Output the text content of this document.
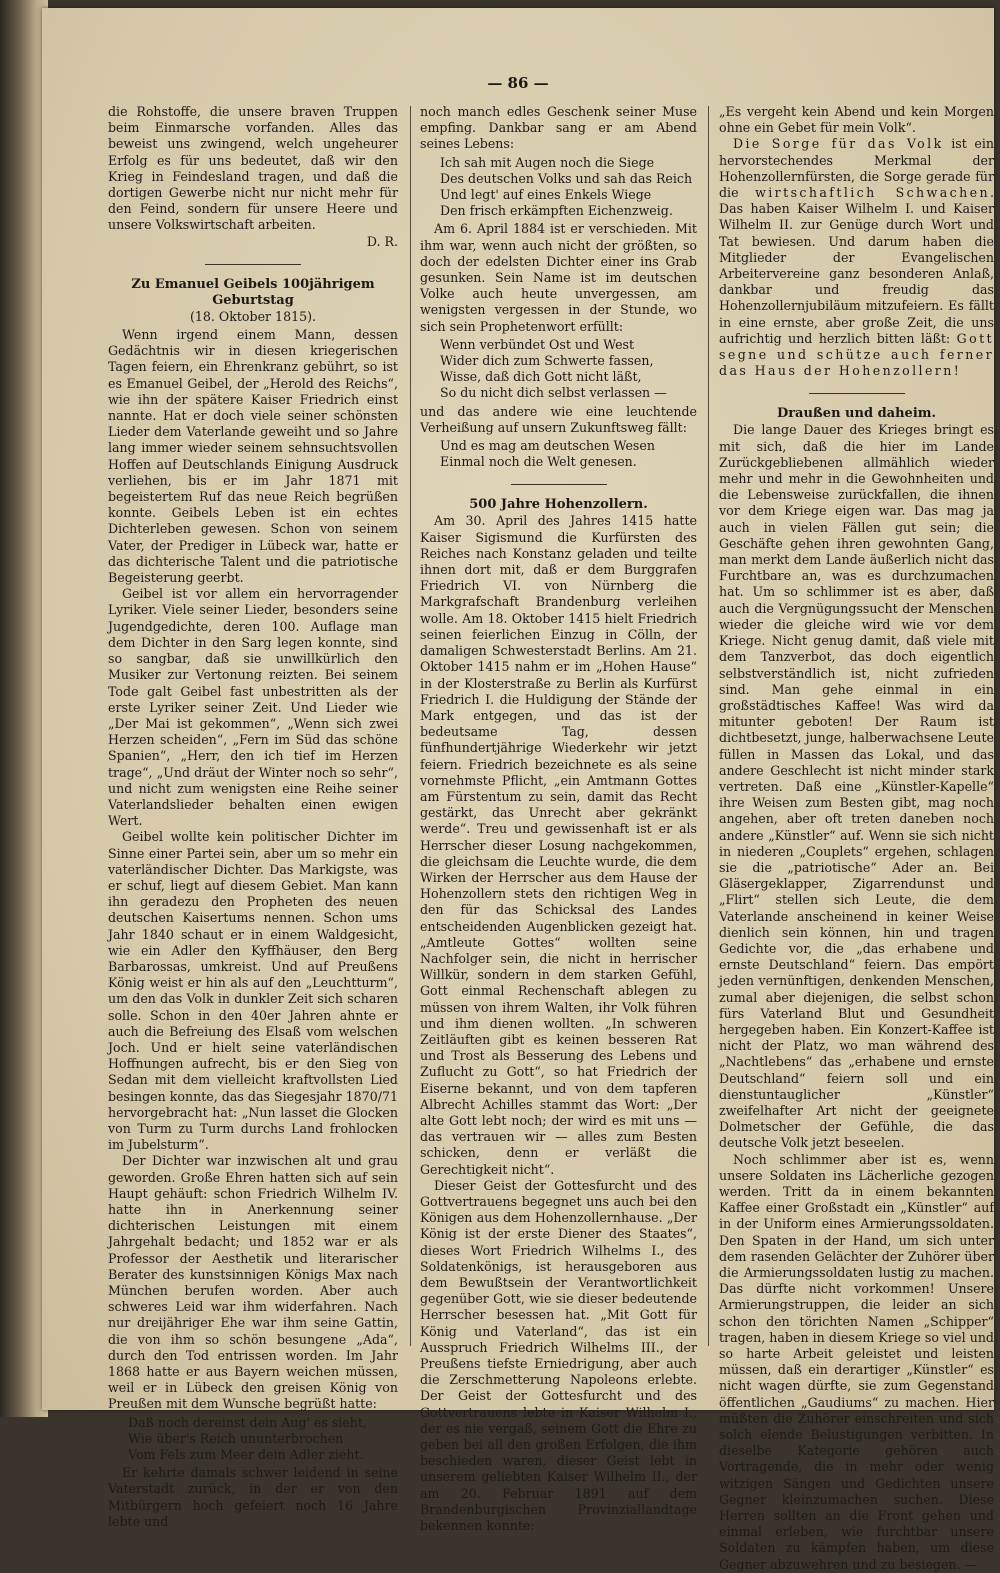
— 86 —

die Rohstoffe, die unsere braven Truppen beim Einmarsche vorfanden. Alles das beweist uns zwingend, welch ungeheurer Erfolg es für uns bedeutet, daß wir den Krieg in Feindesland tragen, und daß die dortigen Gewerbe nicht nur nicht mehr für den Feind, sondern für unsere Heere und unsere Volkswirtschaft arbeiten.

D. R.
Zu Emanuel Geibels 100jährigem Geburtstag
(18. Oktober 1815).

Wenn irgend einem Mann, dessen Gedächtnis wir in diesen kriegerischen Tagen feiern, ein Ehrenkranz gebührt, so ist es Emanuel Geibel, der „Herold des Reichs“, wie ihn der spätere Kaiser Friedrich einst nannte. Hat er doch viele seiner schönsten Lieder dem Vaterlande geweiht und so Jahre lang immer wieder seinem sehnsuchtsvollen Hoffen auf Deutschlands Einigung Ausdruck verliehen, bis er im Jahr 1871 mit begeistertem Ruf das neue Reich begrüßen konnte. Geibels Leben ist ein echtes Dichterleben gewesen. Schon von seinem Vater, der Prediger in Lübeck war, hatte er das dichterische Talent und die patriotische Begeisterung geerbt.

Geibel ist vor allem ein hervorragender Lyriker. Viele seiner Lieder, besonders seine Jugendgedichte, deren 100. Auflage man dem Dichter in den Sarg legen konnte, sind so sangbar, daß sie unwillkürlich den Musiker zur Vertonung reizten. Bei seinem Tode galt Geibel fast unbestritten als der erste Lyriker seiner Zeit. Und Lieder wie „Der Mai ist gekommen“, „Wenn sich zwei Herzen scheiden“, „Fern im Süd das schöne Spanien“, „Herr, den ich tief im Herzen trage“, „Und dräut der Winter noch so sehr“, und nicht zum wenigsten eine Reihe seiner Vaterlandslieder behalten einen ewigen Wert.

Geibel wollte kein politischer Dichter im Sinne einer Partei sein, aber um so mehr ein vaterländischer Dichter. Das Markigste, was er schuf, liegt auf diesem Gebiet. Man kann ihn geradezu den Propheten des neuen deutschen Kaisertums nennen. Schon ums Jahr 1840 schaut er in einem Waldgesicht, wie ein Adler den Kyffhäuser, den Berg Barbarossas, umkreist. Und auf Preußens König weist er hin als auf den „Leuchtturm“, um den das Volk in dunkler Zeit sich scharen solle. Schon in den 40er Jahren ahnte er auch die Befreiung des Elsaß vom welschen Joch. Und er hielt seine vaterländischen Hoffnungen aufrecht, bis er den Sieg von Sedan mit dem vielleicht kraftvollsten Lied besingen konnte, das das Siegesjahr 1870/71 hervorgebracht hat: „Nun lasset die Glocken von Turm zu Turm durchs Land frohlocken im Jubelsturm“.

Der Dichter war inzwischen alt und grau geworden. Große Ehren hatten sich auf sein Haupt gehäuft: schon Friedrich Wilhelm IV. hatte ihn in Anerkennung seiner dichterischen Leistungen mit einem Jahrgehalt bedacht; und 1852 war er als Professor der Aesthetik und literarischer Berater des kunstsinnigen Königs Max nach München berufen worden. Aber auch schweres Leid war ihm widerfahren. Nach nur dreijähriger Ehe war ihm seine Gattin, die von ihm so schön besungene „Ada“, durch den Tod entrissen worden. Im Jahr 1868 hatte er aus Bayern weichen müssen, weil er in Lübeck den greisen König von Preußen mit dem Wunsche begrüßt hatte:

Daß noch dereinst dein Aug' es sieht,
Wie über's Reich ununterbrochen
Vom Fels zum Meer dein Adler zieht.

Er kehrte damals schwer leidend in seine Vaterstadt zurück, in der er von den Mitbürgern hoch gefeiert noch 16 Jahre lebte und

noch manch edles Geschenk seiner Muse empfing. Dankbar sang er am Abend seines Lebens:

Ich sah mit Augen noch die Siege
Des deutschen Volks und sah das Reich
Und legt' auf eines Enkels Wiege
Den frisch erkämpften Eichenzweig.

Am 6. April 1884 ist er verschieden. Mit ihm war, wenn auch nicht der größten, so doch der edelsten Dichter einer ins Grab gesunken. Sein Name ist im deutschen Volke auch heute unvergessen, am wenigsten vergessen in der Stunde, wo sich sein Prophetenwort erfüllt:

Wenn verbündet Ost und West
Wider dich zum Schwerte fassen,
Wisse, daß dich Gott nicht läßt,
So du nicht dich selbst verlassen —

und das andere wie eine leuchtende Verheißung auf unsern Zukunftsweg fällt:

Und es mag am deutschen Wesen
Einmal noch die Welt genesen.
500 Jahre Hohenzollern.

Am 30. April des Jahres 1415 hatte Kaiser Sigismund die Kurfürsten des Reiches nach Konstanz geladen und teilte ihnen dort mit, daß er dem Burggrafen Friedrich VI. von Nürnberg die Markgrafschaft Brandenburg verleihen wolle. Am 18. Oktober 1415 hielt Friedrich seinen feierlichen Einzug in Cölln, der damaligen Schwesterstadt Berlins. Am 21. Oktober 1415 nahm er im „Hohen Hause“ in der Klosterstraße zu Berlin als Kurfürst Friedrich I. die Huldigung der Stände der Mark entgegen, und das ist der bedeutsame Tag, dessen fünfhundertjährige Wiederkehr wir jetzt feiern. Friedrich bezeichnete es als seine vornehmste Pflicht, „ein Amtmann Gottes am Fürstentum zu sein, damit das Recht gestärkt, das Unrecht aber gekränkt werde“. Treu und gewissenhaft ist er als Herrscher dieser Losung nachgekommen, die gleichsam die Leuchte wurde, die dem Wirken der Herrscher aus dem Hause der Hohenzollern stets den richtigen Weg in den für das Schicksal des Landes entscheidenden Augenblicken gezeigt hat. „Amtleute Gottes“ wollten seine Nachfolger sein, die nicht in herrischer Willkür, sondern in dem starken Gefühl, Gott einmal Rechenschaft ablegen zu müssen von ihrem Walten, ihr Volk führen und ihm dienen wollten. „In schweren Zeitläuften gibt es keinen besseren Rat und Trost als Besserung des Lebens und Zuflucht zu Gott“, so hat Friedrich der Eiserne bekannt, und von dem tapferen Albrecht Achilles stammt das Wort: „Der alte Gott lebt noch; der wird es mit uns — das vertrauen wir — alles zum Besten schicken, denn er verläßt die Gerechtigkeit nicht“.

Dieser Geist der Gottesfurcht und des Gottvertrauens begegnet uns auch bei den Königen aus dem Hohenzollernhause. „Der König ist der erste Diener des Staates“, dieses Wort Friedrich Wilhelms I., des Soldatenkönigs, ist herausgeboren aus dem Bewußtsein der Verantwortlichkeit gegenüber Gott, wie sie dieser bedeutende Herrscher besessen hat. „Mit Gott für König und Vaterland“, das ist ein Ausspruch Friedrich Wilhelms III., der Preußens tiefste Erniedrigung, aber auch die Zerschmetterung Napoleons erlebte. Der Geist der Gottesfurcht und des Gottvertrauens lebte in Kaiser Wilhelm I., der es nie vergaß, seinem Gott die Ehre zu geben bei all den großen Erfolgen, die ihm beschieden waren, dieser Geist lebt in unserem geliebten Kaiser Wilhelm II., der am 20. Februar 1891 auf dem Brandenburgischen Provinziallandtage bekennen konnte:

„Es vergeht kein Abend und kein Morgen ohne ein Gebet für mein Volk“.

Die Sorge für das Volk ist ein hervorstechendes Merkmal der Hohenzollernfürsten, die Sorge gerade für die wirtschaftlich Schwachen. Das haben Kaiser Wilhelm I. und Kaiser Wilhelm II. zur Genüge durch Wort und Tat bewiesen. Und darum haben die Mitglieder der Evangelischen Arbeitervereine ganz besonderen Anlaß, dankbar und freudig das Hohenzollernjubiläum mitzufeiern. Es fällt in eine ernste, aber große Zeit, die uns aufrichtig und herzlich bitten läßt: Gott segne und schütze auch ferner das Haus der Hohenzollern!

Draußen und daheim.

Die lange Dauer des Krieges bringt es mit sich, daß die hier im Lande Zurückgebliebenen allmählich wieder mehr und mehr in die Gewohnheiten und die Lebensweise zurückfallen, die ihnen vor dem Kriege eigen war. Das mag ja auch in vielen Fällen gut sein; die Geschäfte gehen ihren gewohnten Gang, man merkt dem Lande äußerlich nicht das Furchtbare an, was es durchzumachen hat. Um so schlimmer ist es aber, daß auch die Vergnügungssucht der Menschen wieder die gleiche wird wie vor dem Kriege. Nicht genug damit, daß viele mit dem Tanzverbot, das doch eigentlich selbstverständlich ist, nicht zufrieden sind. Man gehe einmal in ein großstädtisches Kaffee! Was wird da mitunter geboten! Der Raum ist dichtbesetzt, junge, halberwachsene Leute füllen in Massen das Lokal, und das andere Geschlecht ist nicht minder stark vertreten. Daß eine „Künstler-Kapelle“ ihre Weisen zum Besten gibt, mag noch angehen, aber oft treten daneben noch andere „Künstler“ auf. Wenn sie sich nicht in niederen „Couplets“ ergehen, schlagen sie die „patriotische“ Ader an. Bei Gläsergeklapper, Zigarrendunst und „Flirt“ stellen sich Leute, die dem Vaterlande anscheinend in keiner Weise dienlich sein können, hin und tragen Gedichte vor, die „das erhabene und ernste Deutschland“ feiern. Das empört jeden vernünftigen, denkenden Menschen, zumal aber diejenigen, die selbst schon fürs Vaterland Blut und Gesundheit hergegeben haben. Ein Konzert-Kaffee ist nicht der Platz, wo man während des „Nachtlebens“ das „erhabene und ernste Deutschland“ feiern soll und ein dienstuntauglicher „Künstler“ zweifelhafter Art nicht der geeignete Dolmetscher der Gefühle, die das deutsche Volk jetzt beseelen.

Noch schlimmer aber ist es, wenn unsere Soldaten ins Lächerliche gezogen werden. Tritt da in einem bekannten Kaffee einer Großstadt ein „Künstler“ auf in der Uniform eines Armierungssoldaten. Den Spaten in der Hand, um sich unter dem rasenden Gelächter der Zuhörer über die Armierungssoldaten lustig zu machen. Das dürfte nicht vorkommen! Unsere Armierungstruppen, die leider an sich schon den törichten Namen „Schipper“ tragen, haben in diesem Kriege so viel und so harte Arbeit geleistet und leisten müssen, daß ein derartiger „Künstler“ es nicht wagen dürfte, sie zum Gegenstand öffentlichen „Gaudiums“ zu machen. Hier müßten die Zuhörer einschreiten und sich solch elende Belustigungen verbitten. In dieselbe Kategorie gehören auch Vortragende, die in mehr oder wenig witzigen Sängen und Gedichten unsere Gegner kleinzumachen suchen. Diese Herren sollten an die Front gehen und einmal erleben, wie furchtbar unsere Soldaten zu kämpfen haben, um diese Gegner abzuwehren und zu besiegen. —
